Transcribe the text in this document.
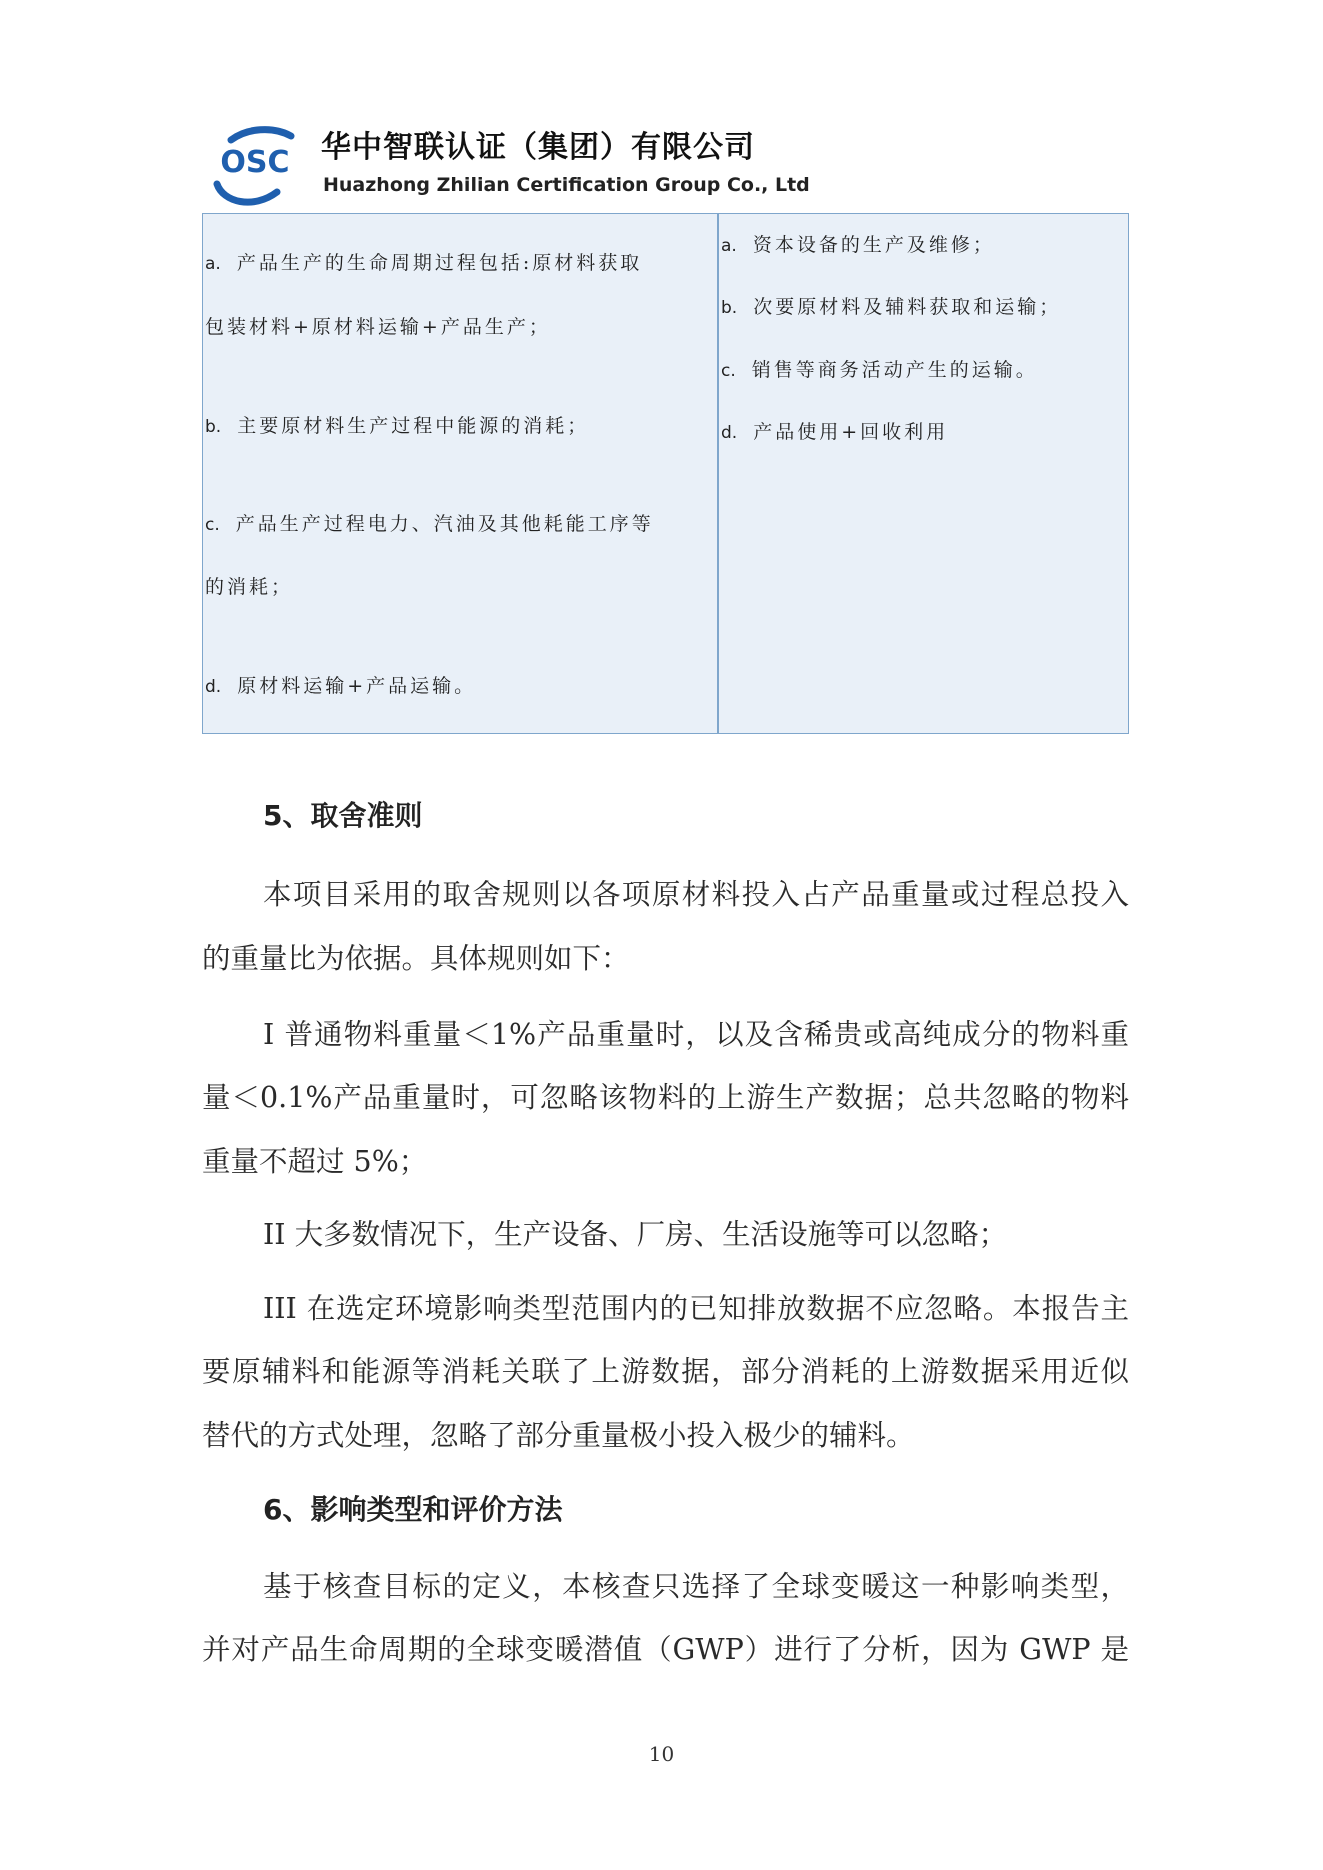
OSC 华中智联认证（集团）有限公司
Huazhong Zhilian Certification Group Co., Ltd
a. 产品生产的生命周期过程包括:原材料获取
包装材料+原材料运输+产品生产；
b. 主要原材料生产过程中能源的消耗；
c. 产品生产过程电力、汽油及其他耗能工序等
的消耗；
d. 原材料运输+产品运输。
a. 资本设备的生产及维修；
b. 次要原材料及辅料获取和运输；
c. 销售等商务活动产生的运输。
d. 产品使用+回收利用
5、取舍准则
本项目采用的取舍规则以各项原材料投入占产品重量或过程总投入
的重量比为依据。具体规则如下：
I 普通物料重量＜1%产品重量时，以及含稀贵或高纯成分的物料重
量＜0.1%产品重量时，可忽略该物料的上游生产数据；总共忽略的物料
重量不超过 5%；
II 大多数情况下，生产设备、厂房、生活设施等可以忽略；
III 在选定环境影响类型范围内的已知排放数据不应忽略。本报告主
要原辅料和能源等消耗关联了上游数据，部分消耗的上游数据采用近似
替代的方式处理，忽略了部分重量极小投入极少的辅料。
6、影响类型和评价方法
基于核查目标的定义，本核查只选择了全球变暖这一种影响类型，
并对产品生命周期的全球变暖潜值（GWP）进行了分析，因为 GWP 是
10
